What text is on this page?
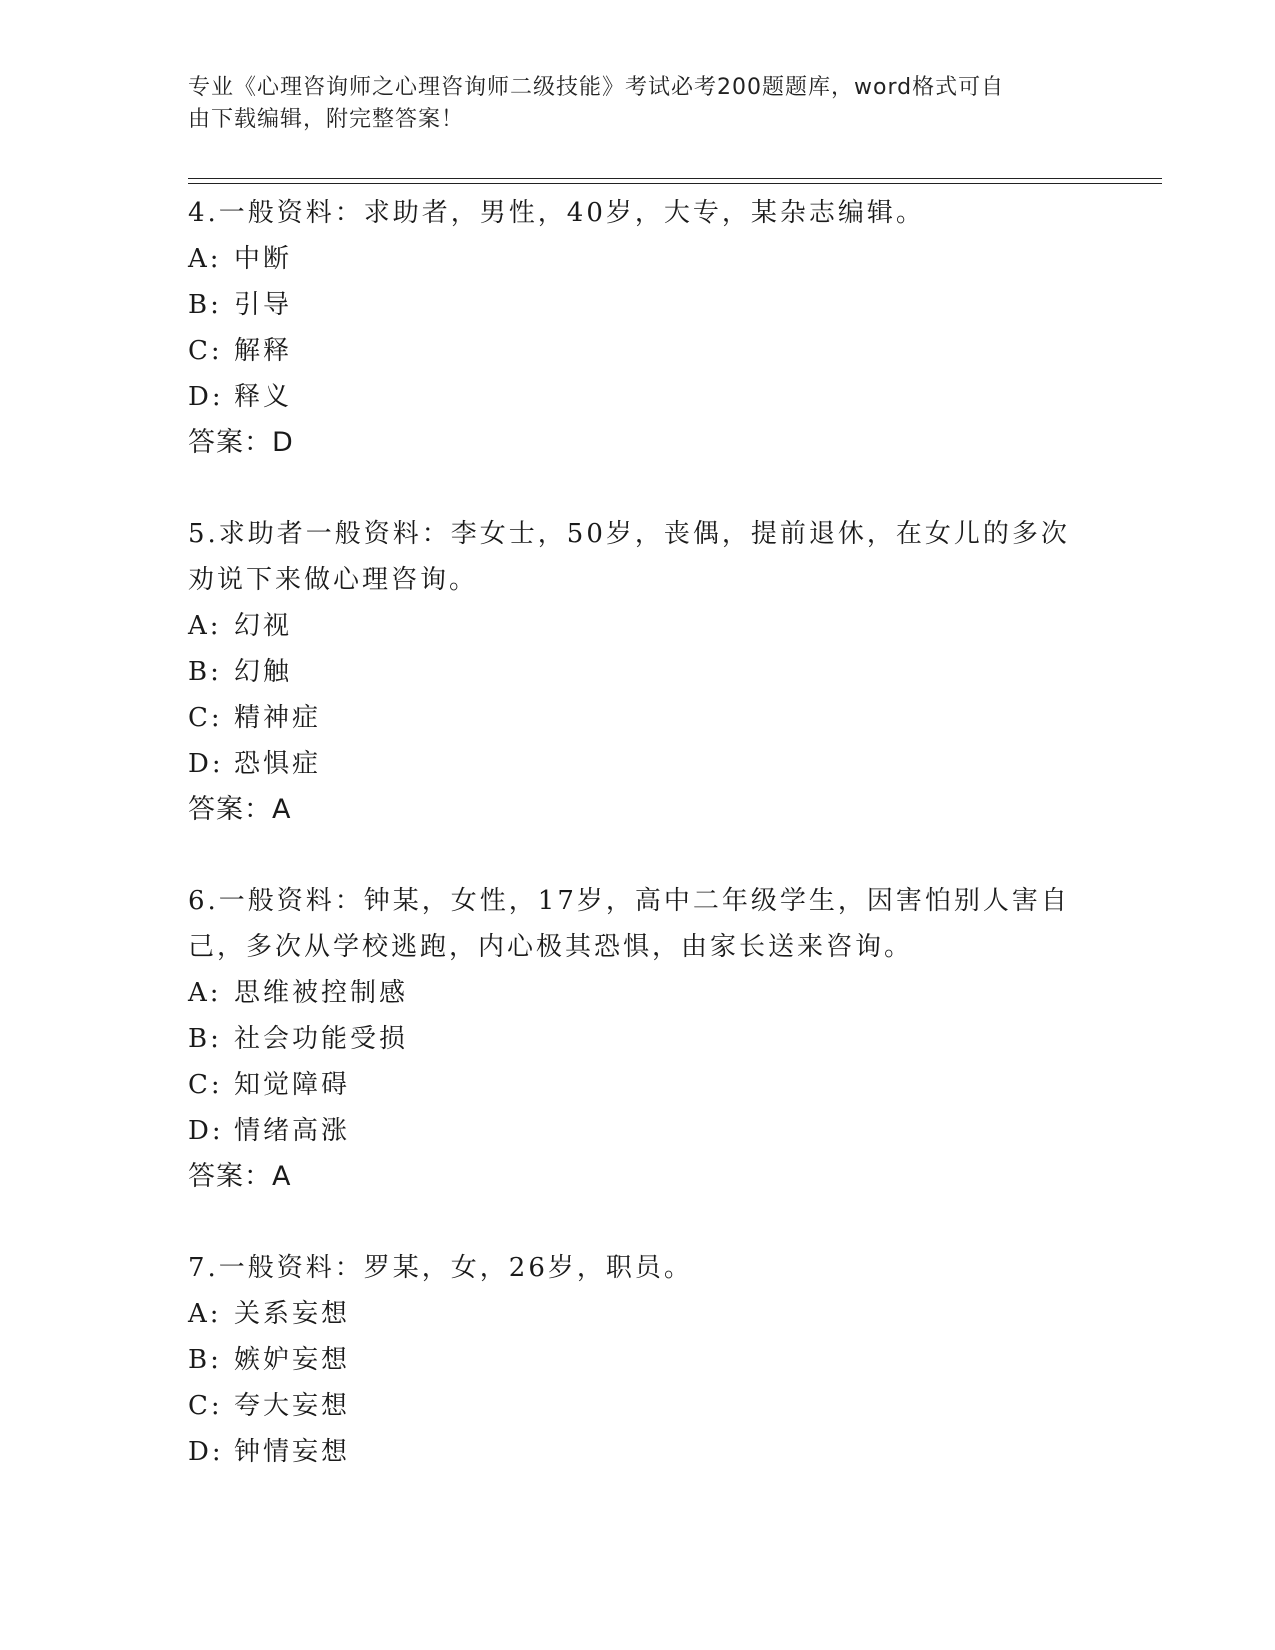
专业《心理咨询师之心理咨询师二级技能》考试必考200题题库，word格式可自
由下载编辑，附完整答案！
4.一般资料：求助者，男性，40岁，大专，某杂志编辑。
A: 中断
B: 引导
C: 解释
D: 释义
答案：D
5.求助者一般资料：李女士，50岁，丧偶，提前退休，在女儿的多次
劝说下来做心理咨询。
A: 幻视
B: 幻触
C: 精神症
D: 恐惧症
答案：A
6.一般资料：钟某，女性，17岁，高中二年级学生，因害怕别人害自
己，多次从学校逃跑，内心极其恐惧，由家长送来咨询。
A: 思维被控制感
B: 社会功能受损
C: 知觉障碍
D: 情绪高涨
答案：A
7.一般资料：罗某，女，26岁，职员。
A: 关系妄想
B: 嫉妒妄想
C: 夸大妄想
D: 钟情妄想
